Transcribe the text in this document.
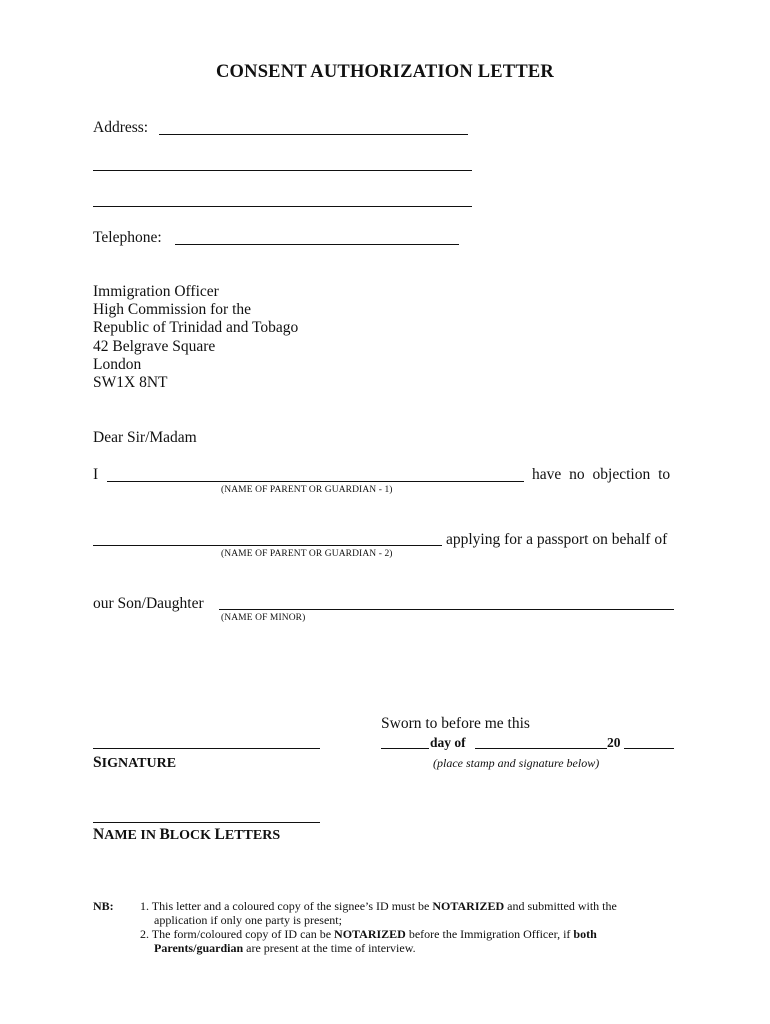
CONSENT AUTHORIZATION LETTER
Address:
Telephone:
Immigration Officer
High Commission for the
Republic of Trinidad and Tobago
42 Belgrave Square
London
SW1X 8NT
Dear Sir/Madam
I	have no objection to
(NAME OF PARENT OR GUARDIAN - 1)
applying for a passport on behalf of
(NAME OF PARENT OR GUARDIAN - 2)
our Son/Daughter
(NAME OF MINOR)
Sworn to before me this
day of	20
(place stamp and signature below)
SIGNATURE
NAME IN BLOCK LETTERS
NB: 1. This letter and a coloured copy of the signee’s ID must be NOTARIZED and submitted with the
application if only one party is present;
2. The form/coloured copy of ID can be NOTARIZED before the Immigration Officer, if both
Parents/guardian are present at the time of interview.
